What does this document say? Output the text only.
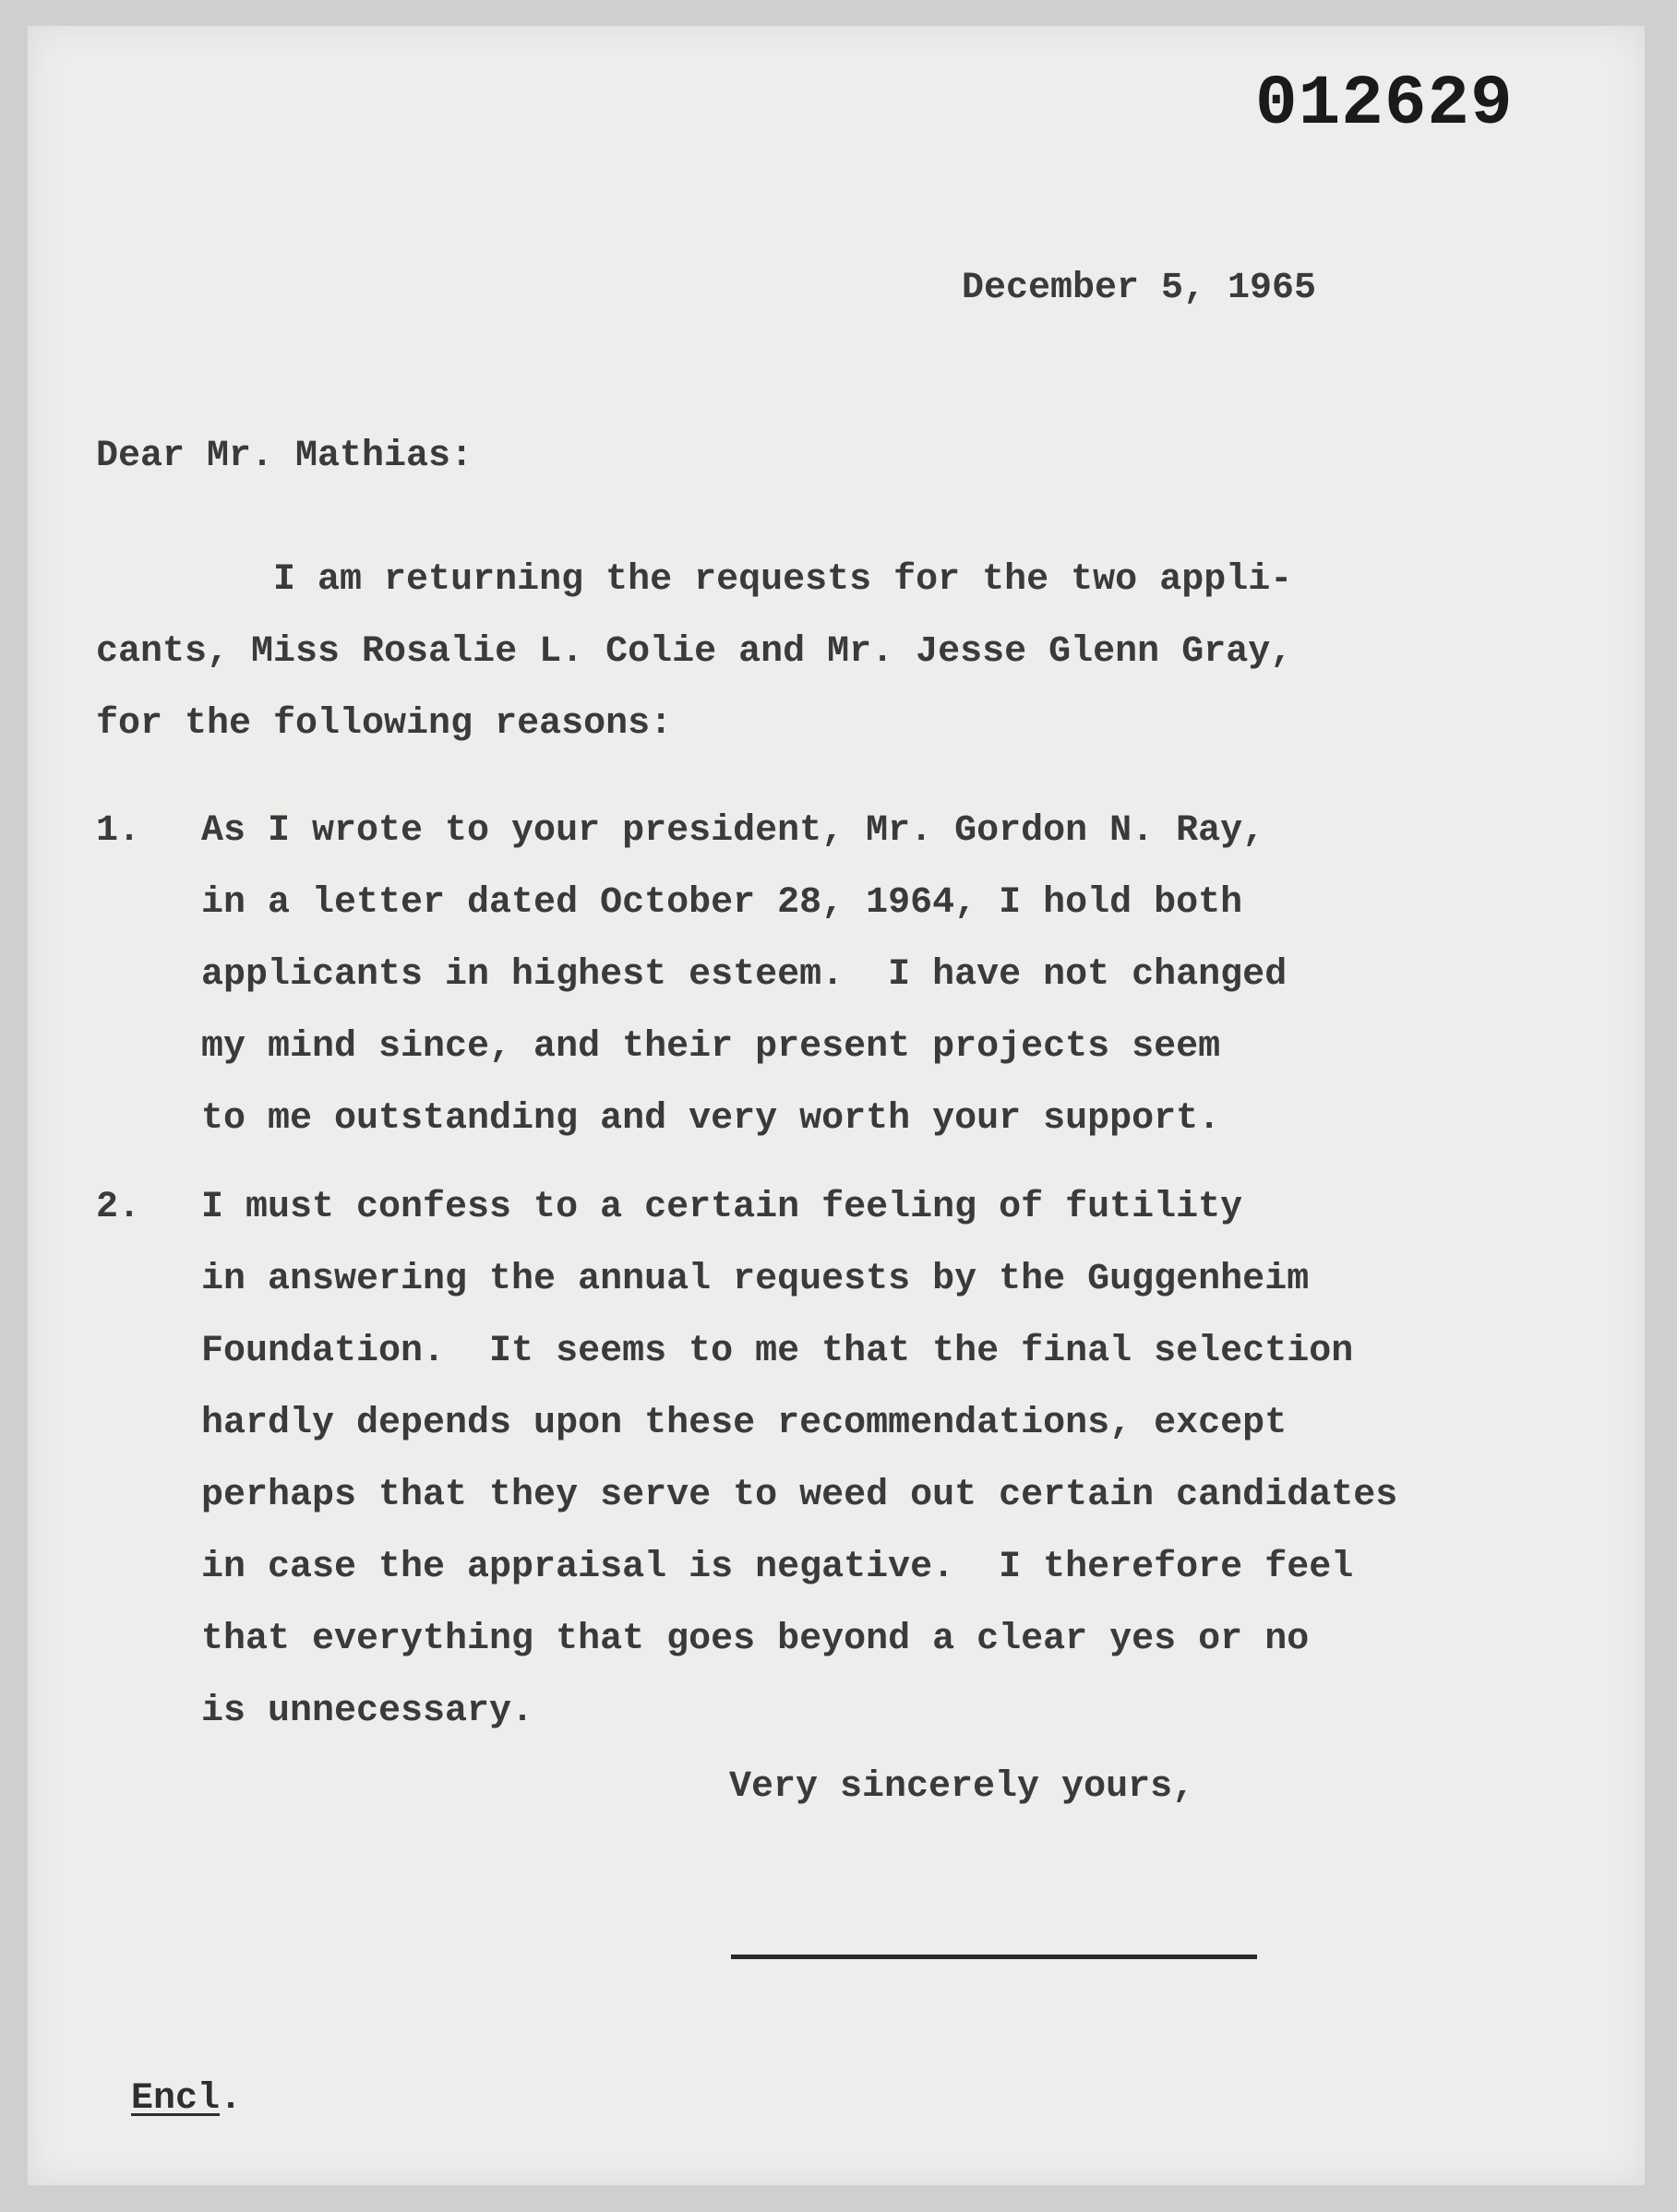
012629
December 5, 1965
Dear Mr. Mathias:
I am returning the requests for the two appli-
cants, Miss Rosalie L. Colie and Mr. Jesse Glenn Gray,
for the following reasons:
1. As I wrote to your president, Mr. Gordon N. Ray,
in a letter dated October 28, 1964, I hold both
applicants in highest esteem.  I have not changed
my mind since, and their present projects seem
to me outstanding and very worth your support.
2. I must confess to a certain feeling of futility
in answering the annual requests by the Guggenheim
Foundation.  It seems to me that the final selection
hardly depends upon these recommendations, except
perhaps that they serve to weed out certain candidates
in case the appraisal is negative.  I therefore feel
that everything that goes beyond a clear yes or no
is unnecessary.
Very sincerely yours,
Encl.
